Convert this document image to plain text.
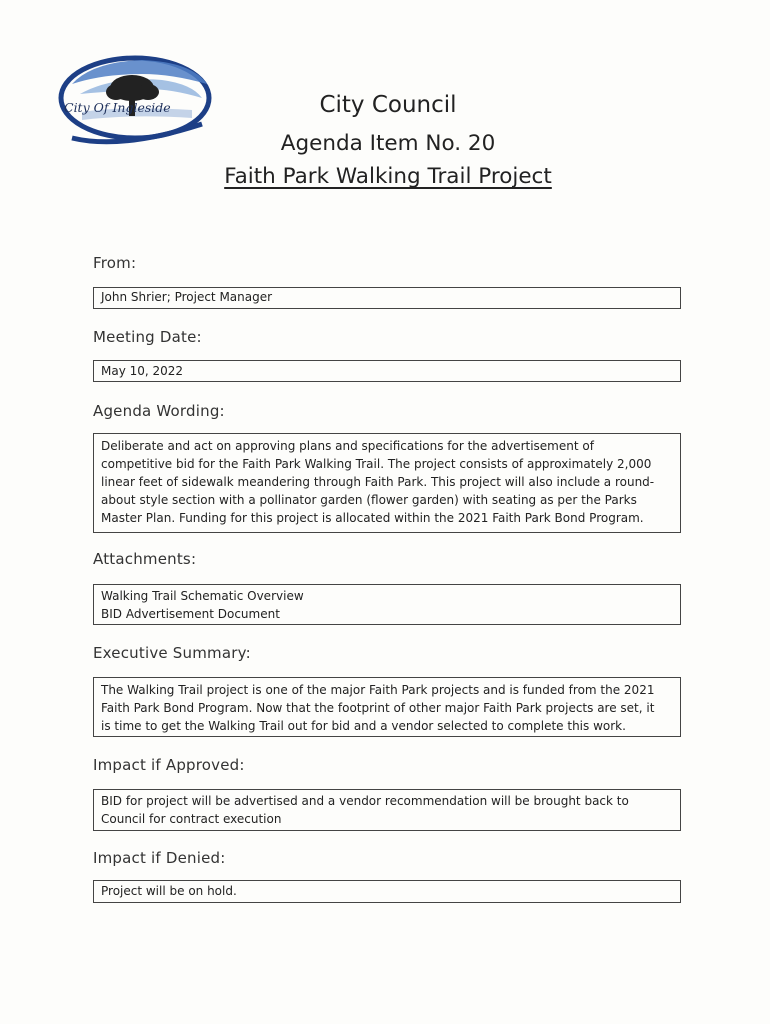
City Of Ingleside	City Council
Agenda Item No. 20
Faith Park Walking Trail Project
From:
John Shrier; Project Manager
Meeting Date:
May 10, 2022
Agenda Wording:
Deliberate and act on approving plans and specifications for the advertisement of
competitive bid for the Faith Park Walking Trail. The project consists of approximately 2,000
linear feet of sidewalk meandering through Faith Park. This project will also include a round-
about style section with a pollinator garden (flower garden) with seating as per the Parks
Master Plan. Funding for this project is allocated within the 2021 Faith Park Bond Program.
Attachments:
Walking Trail Schematic Overview
BID Advertisement Document
Executive Summary:
The Walking Trail project is one of the major Faith Park projects and is funded from the 2021
Faith Park Bond Program. Now that the footprint of other major Faith Park projects are set, it
is time to get the Walking Trail out for bid and a vendor selected to complete this work.
Impact if Approved:
BID for project will be advertised and a vendor recommendation will be brought back to
Council for contract execution
Impact if Denied:
Project will be on hold.
